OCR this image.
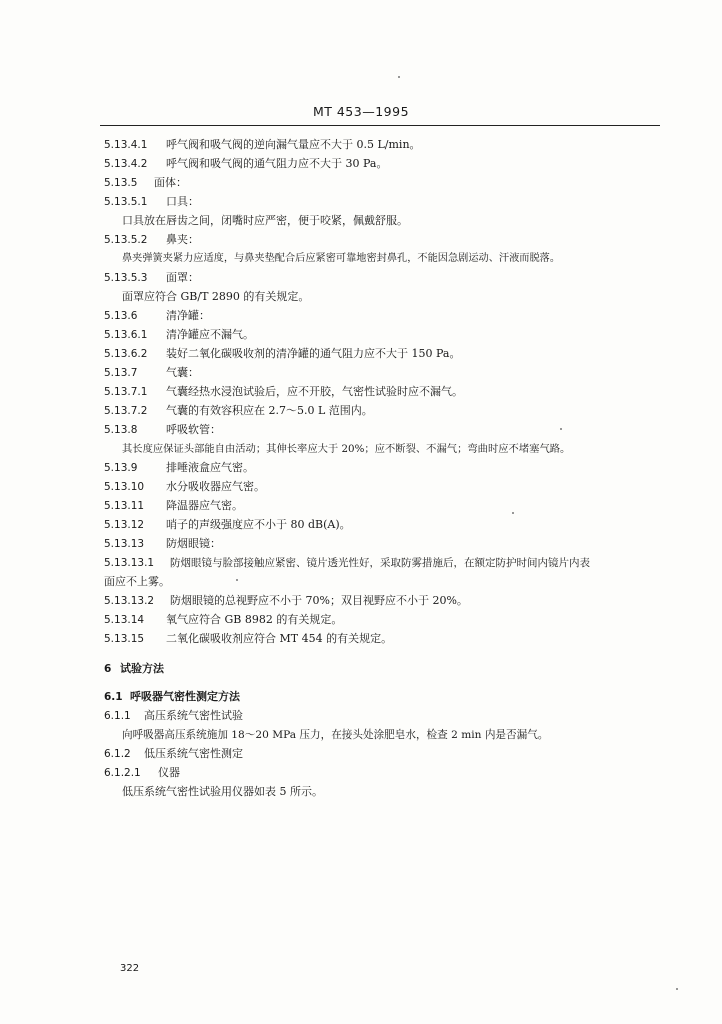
MT 453—1995
5.13.4.1 呼气阀和吸气阀的逆向漏气量应不大于 0.5 L/min。
5.13.4.2 呼气阀和吸气阀的通气阻力应不大于 30 Pa。
5.13.5 面体：
5.13.5.1 口具：
口具放在唇齿之间，闭嘴时应严密，便于咬紧，佩戴舒服。
5.13.5.2 鼻夹：
鼻夹弹簧夹紧力应适度，与鼻夹垫配合后应紧密可靠地密封鼻孔，不能因急剧运动、汗液而脱落。
5.13.5.3 面罩：
面罩应符合 GB/T 2890 的有关规定。
5.13.6	清净罐：
5.13.6.1 清净罐应不漏气。
5.13.6.2 装好二氧化碳吸收剂的清净罐的通气阻力应不大于 150 Pa。
5.13.7	气囊：
5.13.7.1 气囊经热水浸泡试验后，应不开胶，气密性试验时应不漏气。
5.13.7.2 气囊的有效容积应在 2.7～5.0 L 范围内。
5.13.8	呼吸软管：
其长度应保证头部能自由活动；其伸长率应大于 20%；应不断裂、不漏气；弯曲时应不堵塞气路。
5.13.9	排唾液盒应气密。
5.13.10 水分吸收器应气密。
5.13.11 降温器应气密。
5.13.12 哨子的声级强度应不小于 80 dB(A)。
5.13.13 防烟眼镜：
5.13.13.1 防烟眼镜与脸部接触应紧密、镜片透光性好，采取防雾措施后，在额定防护时间内镜片内表
面应不上雾。
5.13.13.2 防烟眼镜的总视野应不小于 70%；双目视野应不小于 20%。
5.13.14 氧气应符合 GB 8982 的有关规定。
5.13.15 二氧化碳吸收剂应符合 MT 454 的有关规定。
6 试验方法
6.1 呼吸器气密性测定方法
6.1.1 高压系统气密性试验
向呼吸器高压系统施加 18～20 MPa 压力，在接头处涂肥皂水，检查 2 min 内是否漏气。
6.1.2 低压系统气密性测定
6.1.2.1 仪器
低压系统气密性试验用仪器如表 5 所示。
322
